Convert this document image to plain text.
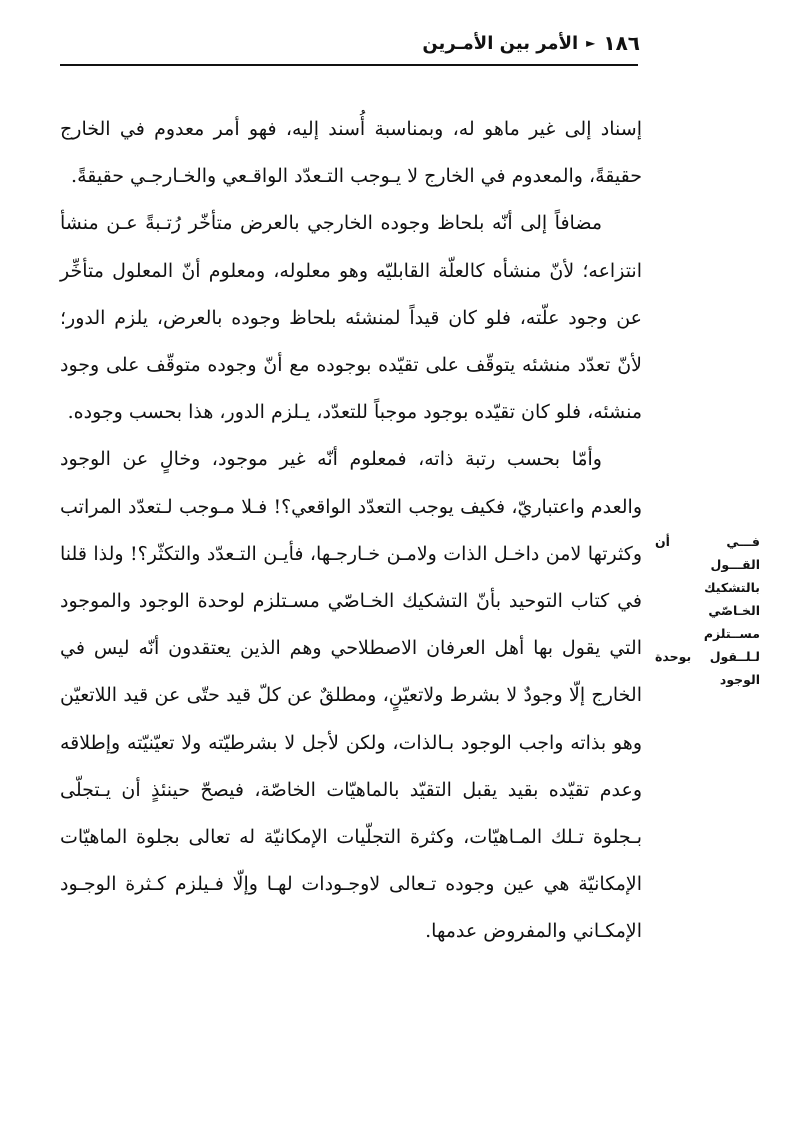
١٨٦
►
الأمر بين الأمـرين

إسناد إلى غير ماهو له، وبمناسبة أُسند إليه، فهو أمر معدوم في الخارج حقيقةً، والمعدوم في الخارج لا يـوجب التـعدّد الواقـعي والخـارجـي حقيقةً.

مضافاً إلى أنّه بلحاظ وجوده الخارجي بالعرض متأخّر رُتـبةً عـن منشأ انتزاعه؛ لأنّ منشأه كالعلّة القابليّه وهو معلوله، ومعلوم أنّ المعلول متأخِّر عن وجود علّته، فلو كان قيداً لمنشئه بلحاظ وجوده بالعرض، يلزم الدور؛ لأنّ تعدّد منشئه يتوقّف على تقيّده بوجوده مع أنّ وجوده متوقّف على وجود منشئه، فلو كان تقيّده بوجود موجباً للتعدّد، يـلزم الدور، هذا بحسب وجوده.

وأمّا بحسب رتبة ذاته، فمعلوم أنّه غير موجود، وخالٍ عن الوجود والعدم واعتباريّ، فكيف يوجب التعدّد الواقعي؟! فـلا مـوجب لـتعدّد المراتب وكثرتها لامن داخـل الذات ولامـن خـارجـها، فأيـن التـعدّد والتكثّر؟! ولذا قلنا في كتاب التوحيد بأنّ التشكيك الخـاصّي مسـتلزم لوحدة الوجود والموجود التي يقول بها أهل العرفان الاصطلاحي وهم الذين يعتقدون أنّه ليس في الخارج إلّا وجودٌ لا بشرط ولاتعيّنٍ، ومطلقٌ عن كلّ قيد حتّى عن قيد اللاتعيّن وهو بذاته واجب الوجود بـالذات، ولكن لأجل لا بشرطيّته ولا تعيّنيّته وإطلاقه وعدم تقيّده بقيد يقبل التقيّد بالماهيّات الخاصّة، فيصحّ حينئذٍ أن يـتجلّى بـجلوة تـلك المـاهيّات، وكثرة التجلّيات الإمكانيّة له تعالى بجلوة الماهيّات الإمكانيّة هي عين وجوده تـعالى لاوجـودات لهـا وإلّا فـيلزم كـثرة الوجـود الإمكـاني والمفروض عدمها.

فـــي أن القـــول بالتشكيك الخـاصّي مســتلزم لـلــقول بوحدة الوجود
